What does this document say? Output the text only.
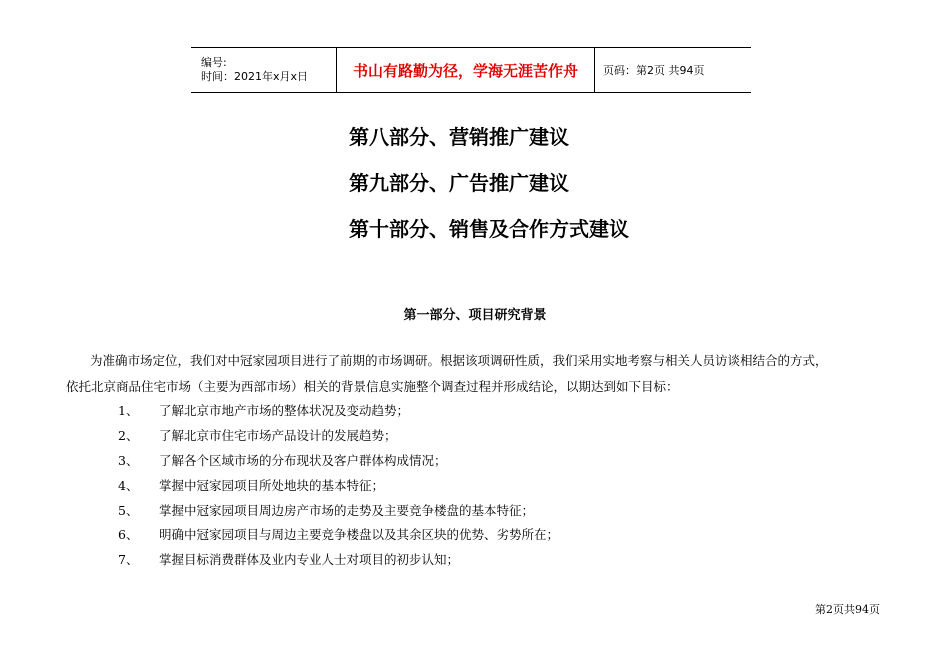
编号:
时间：2021年x月x日	书山有路勤为径，学海无涯苦作舟 页码：第2页 共94页
第八部分、营销推广建议
第九部分、广告推广建议
第十部分、销售及合作方式建议
第一部分、项目研究背景
为准确市场定位，我们对中冠家园项目进行了前期的市场调研。根据该项调研性质，我们采用实地考察与相关人员访谈相结合的方式，
依托北京商品住宅市场（主要为西部市场）相关的背景信息实施整个调查过程并形成结论，以期达到如下目标：
1、	了解北京市地产市场的整体状况及变动趋势；
2、	了解北京市住宅市场产品设计的发展趋势；
3、	了解各个区域市场的分布现状及客户群体构成情况；
4、	掌握中冠家园项目所处地块的基本特征；
5、	掌握中冠家园项目周边房产市场的走势及主要竞争楼盘的基本特征；
6、	明确中冠家园项目与周边主要竞争楼盘以及其余区块的优势、劣势所在；
7、	掌握目标消费群体及业内专业人士对项目的初步认知；
第2页共94页
